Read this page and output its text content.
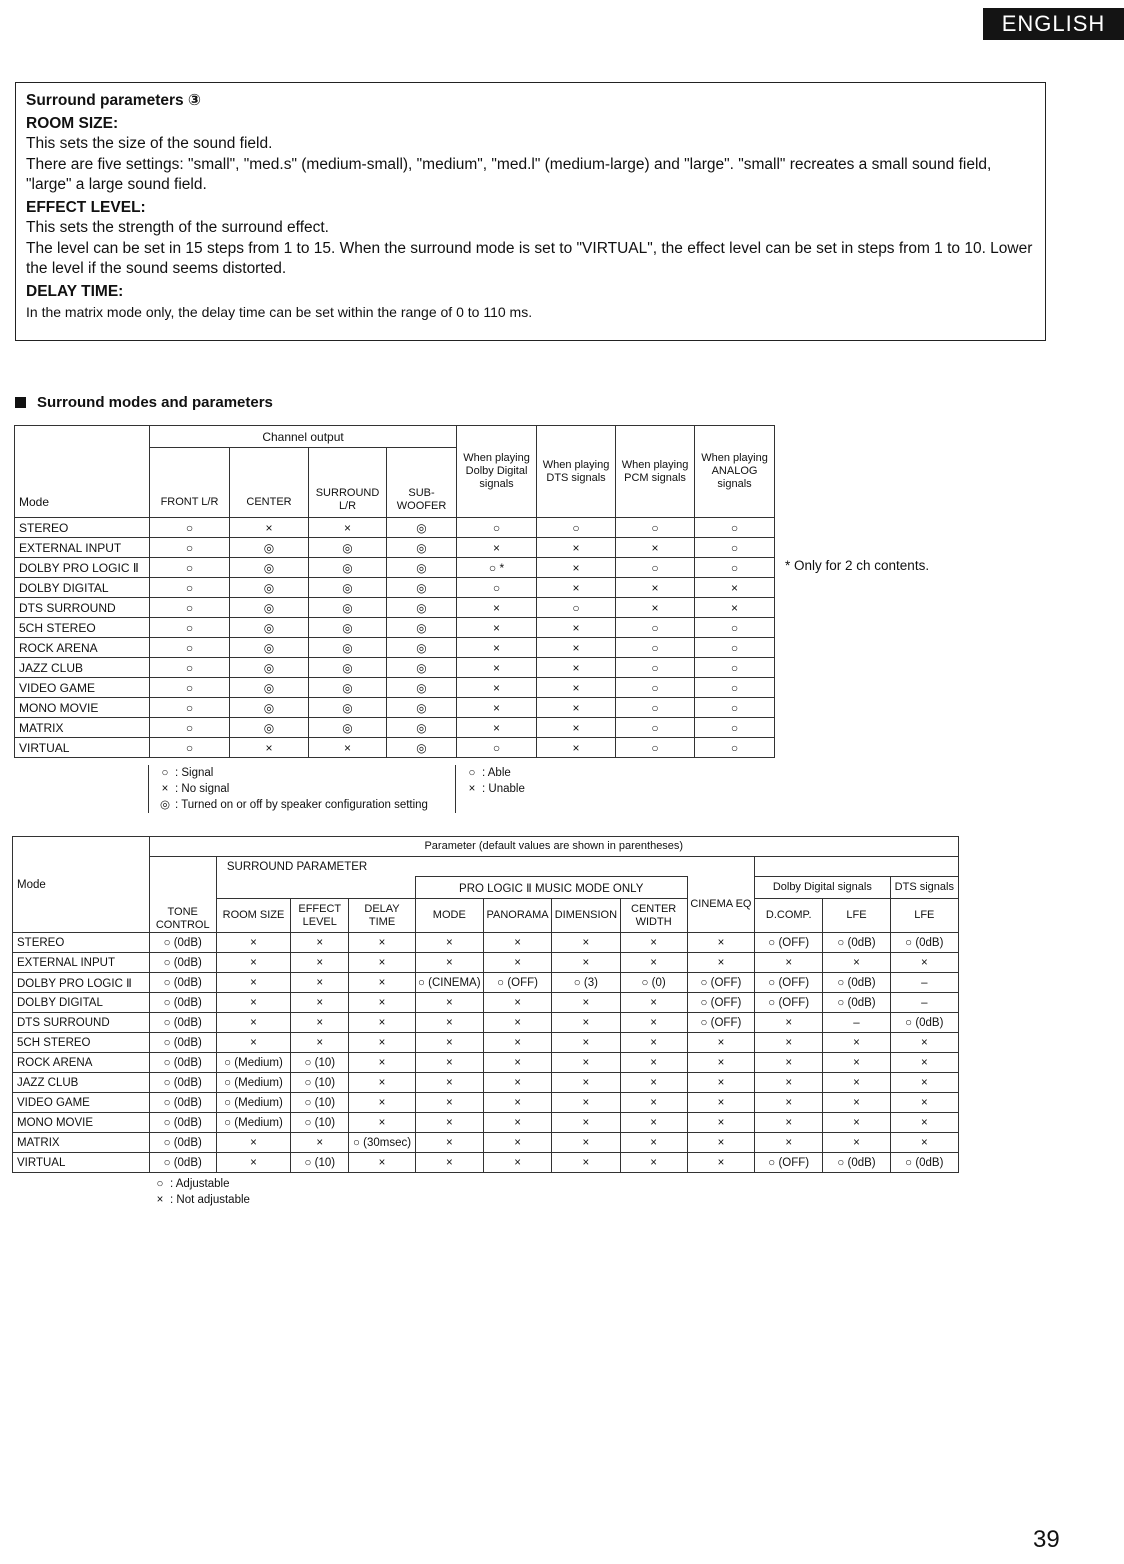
ENGLISH
Surround parameters ③
ROOM SIZE:

This sets the size of the sound field.

There are five settings: "small", "med.s" (medium-small), "medium", "med.l" (medium-large) and "large". "small" recreates a small sound field, "large" a large sound field.

EFFECT LEVEL:

This sets the strength of the surround effect.

The level can be set in 15 steps from 1 to 15. When the surround mode is set to "VIRTUAL", the effect level can be set in steps from 1 to 10. Lower the level if the sound seems distorted.

DELAY TIME:

In the matrix mode only, the delay time can be set within the range of 0 to 110 ms.

Surround modes and parameters
Mode	Channel output				When playing Dolby Digital signals	When playing DTS signals	When playing PCM signals	When playing ANALOG signals
	FRONT L/R	CENTER	SURROUND L/R	SUB-WOOFER				
STEREO	○	×	×	◎	○	○	○	○
EXTERNAL INPUT	○	◎	◎	◎	×	×	×	○
DOLBY PRO LOGIC Ⅱ	○	◎	◎	◎	○ *	×	○	○
DOLBY DIGITAL	○	◎	◎	◎	○	×	×	×
DTS SURROUND	○	◎	◎	◎	×	○	×	×
5CH STEREO	○	◎	◎	◎	×	×	○	○
ROCK ARENA	○	◎	◎	◎	×	×	○	○
JAZZ CLUB	○	◎	◎	◎	×	×	○	○
VIDEO GAME	○	◎	◎	◎	×	×	○	○
MONO MOVIE	○	◎	◎	◎	×	×	○	○
MATRIX	○	◎	◎	◎	×	×	○	○
VIRTUAL	○	×	×	◎	○	×	○	○
* Only for 2 ch contents.
○ : Signal
× : No signal
◎ : Turned on or off by speaker configuration setting
○ : Able
× : Unable
Mode	Parameter (default values are shown in parentheses)											
	TONE CONTROL	SURROUND PARAMETER										
					PRO LOGIC Ⅱ MUSIC MODE ONLY				CINEMA EQ	Dolby Digital signals		DTS signals
		ROOM SIZE	EFFECT LEVEL	DELAY TIME	MODE	PANORAMA	DIMENSION	CENTER WIDTH		D.COMP.	LFE	LFE
STEREO	○ (0dB)	×	×	×	×	×	×	×	×	○ (OFF)	○ (0dB)	○ (0dB)
EXTERNAL INPUT	○ (0dB)	×	×	×	×	×	×	×	×	×	×	×
DOLBY PRO LOGIC Ⅱ	○ (0dB)	×	×	×	○ (CINEMA)	○ (OFF)	○ (3)	○ (0)	○ (OFF)	○ (OFF)	○ (0dB)	–
DOLBY DIGITAL	○ (0dB)	×	×	×	×	×	×	×	○ (OFF)	○ (OFF)	○ (0dB)	–
DTS SURROUND	○ (0dB)	×	×	×	×	×	×	×	○ (OFF)	×	–	○ (0dB)
5CH STEREO	○ (0dB)	×	×	×	×	×	×	×	×	×	×	×
ROCK ARENA	○ (0dB)	○ (Medium)	○ (10)	×	×	×	×	×	×	×	×	×
JAZZ CLUB	○ (0dB)	○ (Medium)	○ (10)	×	×	×	×	×	×	×	×	×
VIDEO GAME	○ (0dB)	○ (Medium)	○ (10)	×	×	×	×	×	×	×	×	×
MONO MOVIE	○ (0dB)	○ (Medium)	○ (10)	×	×	×	×	×	×	×	×	×
MATRIX	○ (0dB)	×	×	○ (30msec)	×	×	×	×	×	×	×	×
VIRTUAL	○ (0dB)	×	○ (10)	×	×	×	×	×	×	○ (OFF)	○ (0dB)	○ (0dB)
○ : Adjustable
× : Not adjustable
39
